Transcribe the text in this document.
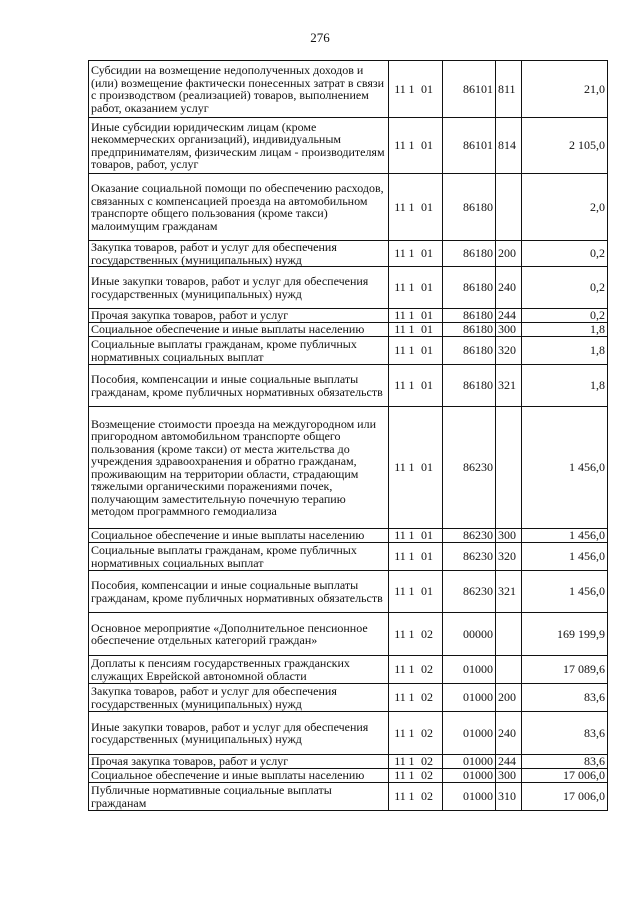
276
Субсидии на возмещение недополученных доходов и (или) возмещение фактически понесенных затрат в связи с производством (реализацией) товаров, выполнением работ, оказанием услуг	11 1 01	86101	811	21,0
Иные субсидии юридическим лицам (кроме некоммерческих организаций), индивидуальным предпринимателям, физическим лицам - производителям товаров, работ, услуг	11 1 01	86101	814	2 105,0
Оказание социальной помощи по обеспечению расходов, связанных с компенсацией проезда на автомобильном транспорте общего пользования (кроме такси) малоимущим гражданам	11 1 01	86180		2,0
Закупка товаров, работ и услуг для обеспечения государственных (муниципальных) нужд	11 1 01	86180	200	0,2
Иные закупки товаров, работ и услуг для обеспечения государственных (муниципальных) нужд	11 1 01	86180	240	0,2
Прочая закупка товаров, работ и услуг	11 1 01	86180	244	0,2
Социальное обеспечение и иные выплаты населению	11 1 01	86180	300	1,8
Социальные выплаты гражданам, кроме публичных нормативных социальных выплат	11 1 01	86180	320	1,8
Пособия, компенсации и иные социальные выплаты гражданам, кроме публичных нормативных обязательств	11 1 01	86180	321	1,8
Возмещение стоимости проезда на междугородном или пригородном автомобильном транспорте общего пользования (кроме такси) от места жительства до учреждения здравоохранения и обратно гражданам, проживающим на территории области, страдающим тяжелыми органическими поражениями почек, получающим заместительную почечную терапию методом программного гемодиализа	11 1 01	86230		1 456,0
Социальное обеспечение и иные выплаты населению	11 1 01	86230	300	1 456,0
Социальные выплаты гражданам, кроме публичных нормативных социальных выплат	11 1 01	86230	320	1 456,0
Пособия, компенсации и иные социальные выплаты гражданам, кроме публичных нормативных обязательств	11 1 01	86230	321	1 456,0
Основное мероприятие «Дополнительное пенсионное обеспечение отдельных категорий граждан»	11 1 02	00000		169 199,9
Доплаты к пенсиям государственных гражданских служащих Еврейской автономной области	11 1 02	01000		17 089,6
Закупка товаров, работ и услуг для обеспечения государственных (муниципальных) нужд	11 1 02	01000	200	83,6
Иные закупки товаров, работ и услуг для обеспечения государственных (муниципальных) нужд	11 1 02	01000	240	83,6
Прочая закупка товаров, работ и услуг	11 1 02	01000	244	83,6
Социальное обеспечение и иные выплаты населению	11 1 02	01000	300	17 006,0
Публичные нормативные социальные выплаты гражданам	11 1 02	01000	310	17 006,0
